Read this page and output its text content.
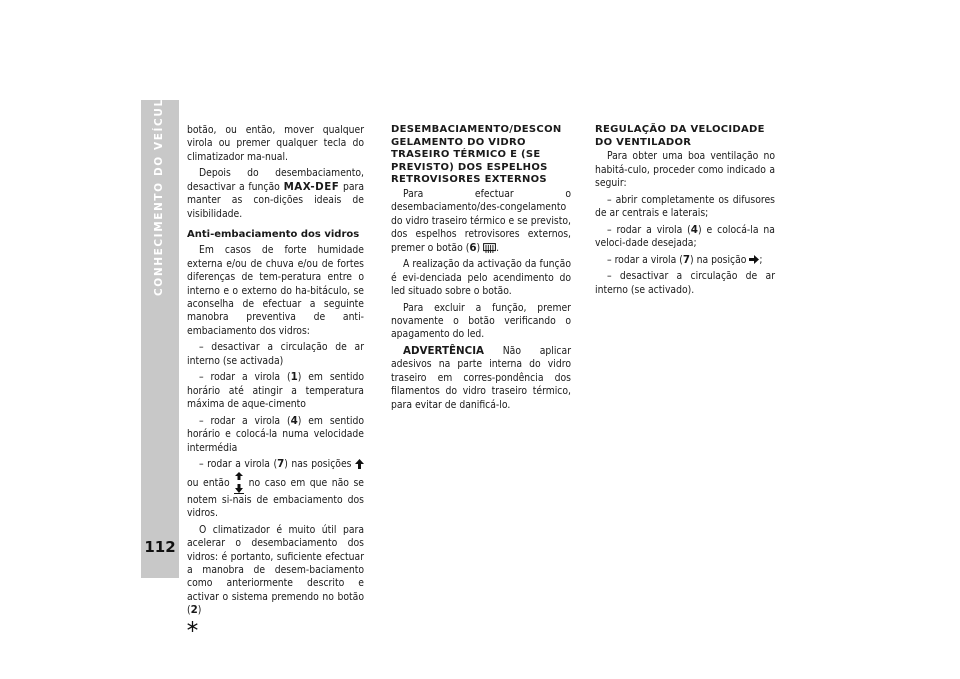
CONHECIMENTO DO VEÍCULO
112

botão, ou então, mover qualquer virola ou premer qualquer tecla do climatizador ma-nual.

Depois do desembaciamento, desactivar a função MAX-DEF para manter as con-dições ideais de visibilidade.

Anti-embaciamento dos vidros

Em casos de forte humidade externa e/ou de chuva e/ou de fortes diferenças de tem-peratura entre o interno e o externo do ha-bitáculo, se aconselha de efectuar a seguinte manobra preventiva de anti-embaciamento dos vidros:

– desactivar a circulação de ar interno (se activada)

– rodar a virola (1) em sentido horário até atingir a temperatura máxima de aque-cimento

– rodar a virola (4) em sentido horário e colocá-la numa velocidade intermédia

– rodar a virola (7) nas posições  ou então  no caso em que não se notem si-nais de embaciamento dos vidros.

O climatizador é muito útil para acelerar o desembaciamento dos vidros: é portanto, suficiente efectuar a manobra de desem-baciamento como anteriormente descrito e activar o sistema premendo no botão (2)

DESEMBACIAMENTO/DESCON GELAMENTO DO VIDRO TRASEIRO TÉRMICO E (SE PREVISTO) DOS ESPELHOS RETROVISORES EXTERNOS

Para efectuar o desembaciamento/des-congelamento do vidro traseiro térmico e se previsto, dos espelhos retrovisores externos, premer o botão (6) .

A realização da activação da função é evi-denciada pelo acendimento do led situado sobre o botão.

Para excluir a função, premer novamente o botão verificando o apagamento do led.

ADVERTÊNCIA Não aplicar adesivos na parte interna do vidro traseiro em corres-pondência dos filamentos do vidro traseiro térmico, para evitar de danificá-lo.

REGULAÇÃO DA VELOCIDADE DO VENTILADOR

Para obter uma boa ventilação no habitá-culo, proceder como indicado a seguir:

– abrir completamente os difusores de ar centrais e laterais;

– rodar a virola (4) e colocá-la na veloci-dade desejada;

– rodar a virola (7) na posição ;

– desactivar a circulação de ar interno (se activado).
